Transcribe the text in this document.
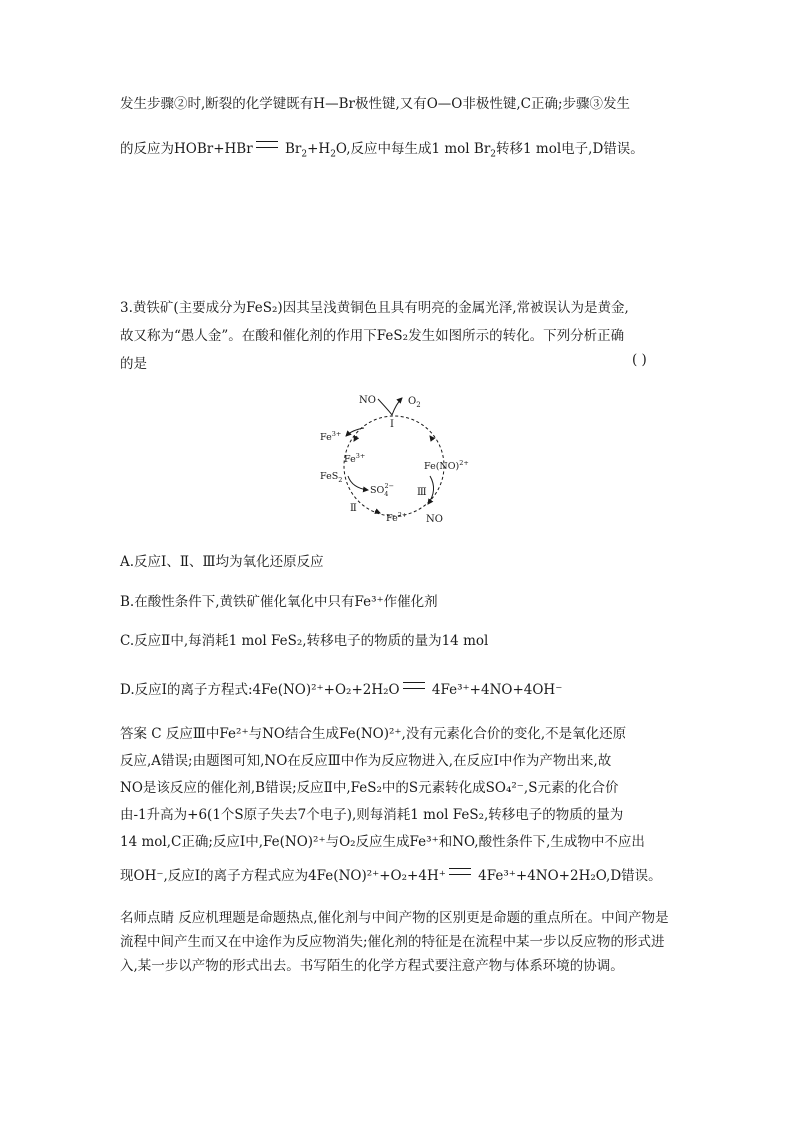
发生步骤②时,断裂的化学键既有H—Br极性键,又有O—O非极性键,C正确;步骤③发生
的反应为HOBr+HBr $Br_2+H_2O$,反应中每生成1 mol $Br_2$转移1 mol电子,D错误。
3.黄铁矿(主要成分为FeS₂)因其呈浅黄铜色且具有明亮的金属光泽,常被误认为是黄金,
故又称为“愚人金”。在酸和催化剂的作用下FeS₂发生如图所示的转化。下列分析正确
的是	( )
NO	$O_2$
I
$Fe^{3+}$
$Fe^{3+}$
Fe(NO)$^{2+}$
FeS$_2$
$SO_42-$
Ⅲ
Ⅱ
$Fe^{2+}$ NO
A.反应Ⅰ、Ⅱ、Ⅲ均为氧化还原反应
B.在酸性条件下,黄铁矿催化氧化中只有Fe³⁺作催化剂
C.反应Ⅱ中,每消耗1 mol FeS₂,转移电子的物质的量为14 mol
D.反应Ⅰ的离子方程式:4Fe(NO)²⁺+O₂+2H₂O 4Fe³⁺+4NO+4OH⁻
答案 C 反应Ⅲ中Fe²⁺与NO结合生成Fe(NO)²⁺,没有元素化合价的变化,不是氧化还原
反应,A错误;由题图可知,NO在反应Ⅲ中作为反应物进入,在反应Ⅰ中作为产物出来,故
NO是该反应的催化剂,B错误;反应Ⅱ中,FeS₂中的S元素转化成SO₄²⁻,S元素的化合价
由-1升高为+6(1个S原子失去7个电子),则每消耗1 mol FeS₂,转移电子的物质的量为
14 mol,C正确;反应Ⅰ中,Fe(NO)²⁺与O₂反应生成Fe³⁺和NO,酸性条件下,生成物中不应出
现OH⁻,反应Ⅰ的离子方程式应为4Fe(NO)²⁺+O₂+4H⁺ 4Fe³⁺+4NO+2H₂O,D错误。
名师点睛 反应机理题是命题热点,催化剂与中间产物的区别更是命题的重点所在。中间产物是流程中间产生而又在中途作为反应物消失;催化剂的特征是在流程中某一步以反应物的形式进入,某一步以产物的形式出去。书写陌生的化学方程式要注意产物与体系环境的协调。
